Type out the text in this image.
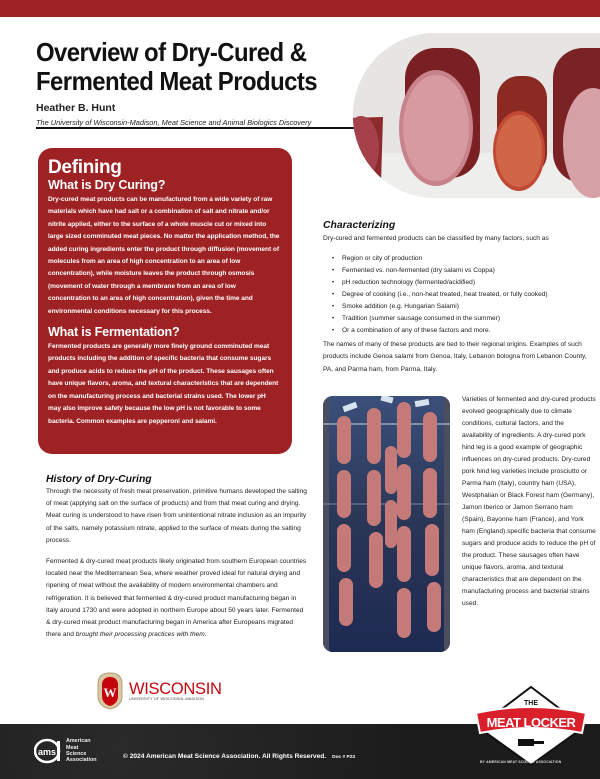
Overview of Dry-Cured &
Fermented Meat Products
Heather B. Hunt
The University of Wisconsin-Madison, Meat Science and Animal Biologics Discovery
Defining
What is Dry Curing?
Dry-cured meat products can be manufactured from a wide variety of raw materials which have had salt or a combination of salt and nitrate and/or nitrite applied, either to the surface of a whole muscle cut or mixed into large sized comminuted meat pieces. No matter the application method, the added curing ingredients enter the product through diffusion (movement of molecules from an area of high concentration to an area of low concentration), while moisture leaves the product through osmosis (movement of water through a membrane from an area of low concentration to an area of high concentration), given the time and environmental conditions necessary for this process.
What is Fermentation?
Fermented products are generally more finely ground comminuted meat products including the addition of specific bacteria that consume sugars and produce acids to reduce the pH of the product. These sausages often have unique flavors, aroma, and textural characteristics that are dependent on the manufacturing process and bacterial strains used. The lower pH may also improve safety because the low pH is not favorable to some bacteria. Common examples are pepperoni and salami.
Characterizing
Dry-cured and fermented products can be classified by many factors, such as
• Region or city of production
• Fermented vs. non-fermented (dry salami vs Coppa)
• pH reduction technology (fermented/acidified)
• Degree of cooking (i.e., non-heat treated, heat treated, or fully cooked)
• Smoke addition (e.g. Hungarian Salami)
• Tradition (summer sausage consumed in the summer)
• Or a combination of any of these factors and more.
The names of many of these products are tied to their regional origins. Examples of such products include Genoa salami from Genoa, Italy, Lebanon bologna from Lebanon County, PA, and Parma ham, from Parma, Italy.
Varieties of fermented and dry-cured products evolved geographically due to climate conditions, cultural factors, and the availability of ingredients. A dry-cured pork hind leg is a good example of geographic influences on dry-cured products. Dry-cured pork hind leg varieties include prosciutto or Parma ham (Italy), country ham (USA), Westphalian or Black Forest ham (Germany), Jamon Iberico or Jamon Serrano ham (Spain), Bayonne ham (France), and York ham (England).specific bacteria that consume sugars and produce acids to reduce the pH of the product. These sausages often have unique flavors, aroma, and textural characteristics that are dependent on the manufacturing process and bacterial strains used.
History of Dry-Curing
Through the necessity of fresh meat preservation, primitive humans developed the salting of meat (applying salt on the surface of products) and from that meat curing and drying. Meat curing is understood to have risen from unintentional nitrate inclusion as an impurity of the salts, namely potassium nitrate, applied to the surface of meats during the salting process.
Fermented & dry-cured meat products likely originated from southern European countries located near the Mediterranean Sea, where weather proved ideal for natural drying and ripening of meat without the availability of modern environmental chambers and refrigeration. It is believed that fermented & dry-cured product manufacturing began in Italy around 1730 and were adopted in northern Europe about 50 years later. Fermented & dry-cured meat product manufacturing began in America after Europeans migrated there and brought their processing practices with them.
W WISCONSIN
UNIVERSITY OF WISCONSIN–MADISON
ams
American
Meat
Science
Association
© 2024 American Meat Science Association. All Rights Reserved. Doc # P23
THE
MEAT LOCKER
BY AMERICAN MEAT SCIENCE ASSOCIATION
